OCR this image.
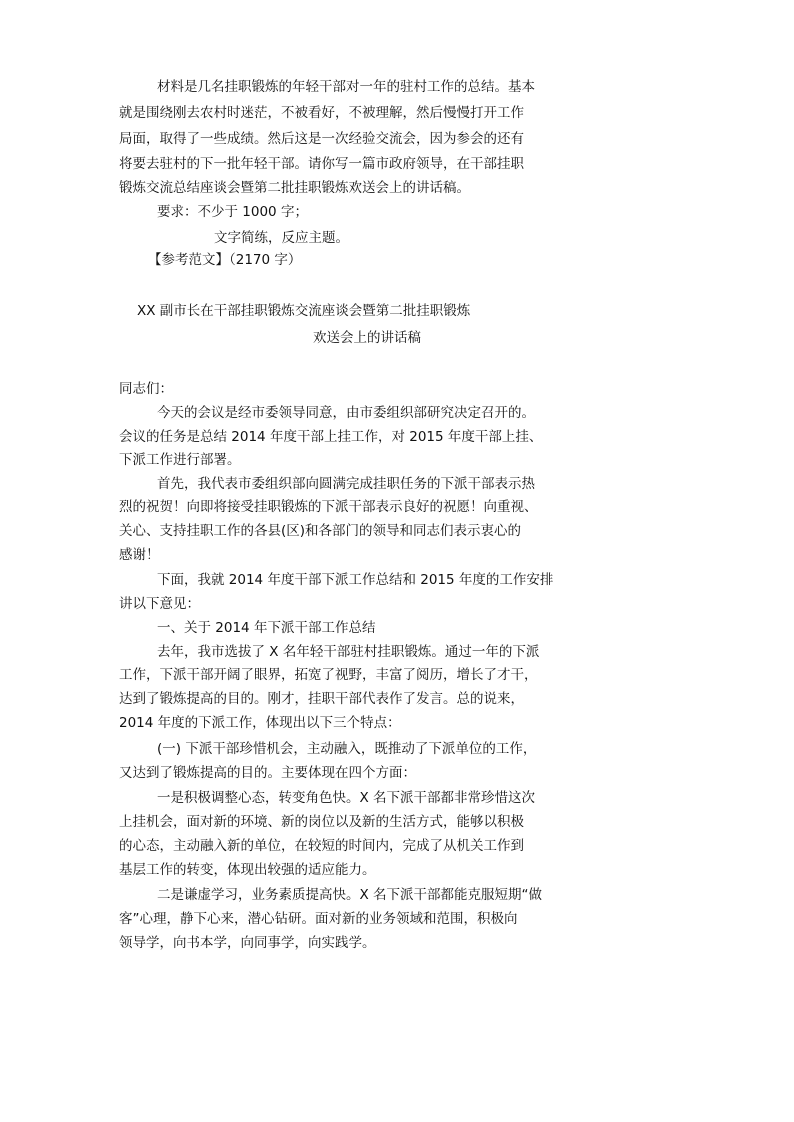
材料是几名挂职锻炼的年轻干部对一年的驻村工作的总结。基本
就是围绕刚去农村时迷茫，不被看好，不被理解，然后慢慢打开工作
局面，取得了一些成绩。然后这是一次经验交流会，因为参会的还有
将要去驻村的下一批年轻干部。请你写一篇市政府领导，在干部挂职
锻炼交流总结座谈会暨第二批挂职锻炼欢送会上的讲话稿。
要求：不少于 1000 字；
文字简练，反应主题。
【参考范文】（2170 字）
XX 副市长在干部挂职锻炼交流座谈会暨第二批挂职锻炼
欢送会上的讲话稿
同志们：
今天的会议是经市委领导同意，由市委组织部研究决定召开的。
会议的任务是总结 2014 年度干部上挂工作，对 2015 年度干部上挂、
下派工作进行部署。
首先，我代表市委组织部向圆满完成挂职任务的下派干部表示热
烈的祝贺！向即将接受挂职锻炼的下派干部表示良好的祝愿！向重视、
关心、支持挂职工作的各县(区)和各部门的领导和同志们表示衷心的
感谢！
下面，我就 2014 年度干部下派工作总结和 2015 年度的工作安排
讲以下意见：
一、关于 2014 年下派干部工作总结
去年，我市选拔了 X 名年轻干部驻村挂职锻炼。通过一年的下派
工作，下派干部开阔了眼界，拓宽了视野，丰富了阅历，增长了才干，
达到了锻炼提高的目的。刚才，挂职干部代表作了发言。总的说来，
2014 年度的下派工作，体现出以下三个特点：
(一) 下派干部珍惜机会，主动融入，既推动了下派单位的工作，
又达到了锻炼提高的目的。主要体现在四个方面：
一是积极调整心态，转变角色快。X 名下派干部都非常珍惜这次
上挂机会，面对新的环境、新的岗位以及新的生活方式，能够以积极
的心态，主动融入新的单位，在较短的时间内，完成了从机关工作到
基层工作的转变，体现出较强的适应能力。
二是谦虚学习，业务素质提高快。X 名下派干部都能克服短期“做
客”心理，静下心来，潜心钻研。面对新的业务领域和范围，积极向
领导学，向书本学，向同事学，向实践学。
